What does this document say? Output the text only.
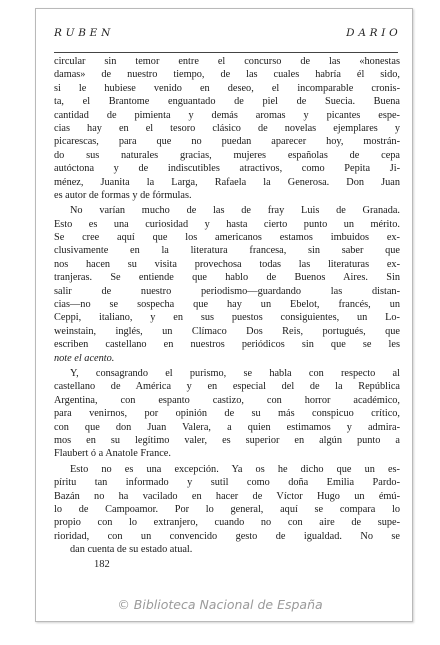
R U B E N	D A R I O

circular sin temor entre el concurso de las «honestas
damas» de nuestro tiempo, de las cuales habría él sido,
si le hubiese venido en deseo, el incomparable cronis-
ta, el Brantome enguantado de piel de Suecia. Buena
cantidad de pimienta y demás aromas y picantes espe-
cias hay en el tesoro clásico de novelas ejemplares y
picarescas, para que no puedan aparecer hoy, mostrán-
do sus naturales gracias, mujeres españolas de cepa
autóctona y de indiscutibles atractivos, como Pepita Ji-
ménez, Juanita la Larga, Rafaela la Generosa. Don Juan
es autor de formas y de fórmulas.

No varían mucho de las de fray Luis de Granada.
Esto es una curiosidad y hasta cierto punto un mérito.
Se cree aquí que los americanos estamos imbuidos ex-
clusivamente en la literatura francesa, sin saber que
nos hacen su visita provechosa todas las literaturas ex-
tranjeras. Se entiende que hablo de Buenos Aires. Sin
salir de nuestro periodismo—guardando las distan-
cias—no se sospecha que hay un Ebelot, francés, un
Ceppi, italiano, y en sus puestos consiguientes, un Lo-
weinstain, inglés, un Clímaco Dos Reis, portugués, que
escriben castellano en nuestros periódicos sin que se les
note el acento.

Y, consagrando el purismo, se habla con respecto al
castellano de América y en especial del de la República
Argentina, con espanto castizo, con horror académico,
para venirnos, por opinión de su más conspicuo crítico,
con que don Juan Valera, a quien estimamos y admira-
mos en su legítimo valer, es superior en algún punto a
Flaubert ó a Anatole France.

Esto no es una excepción. Ya os he dicho que un es-
píritu tan informado y sutil como doña Emilia Pardo-
Bazán no ha vacilado en hacer de Víctor Hugo un émú-
lo de Campoamor. Por lo general, aquí se compara lo
propio con lo extranjero, cuando no con aire de supe-
rioridad, con un convencido gesto de igualdad. No se
dan cuenta de su estado atual.

182
© Biblioteca Nacional de España
